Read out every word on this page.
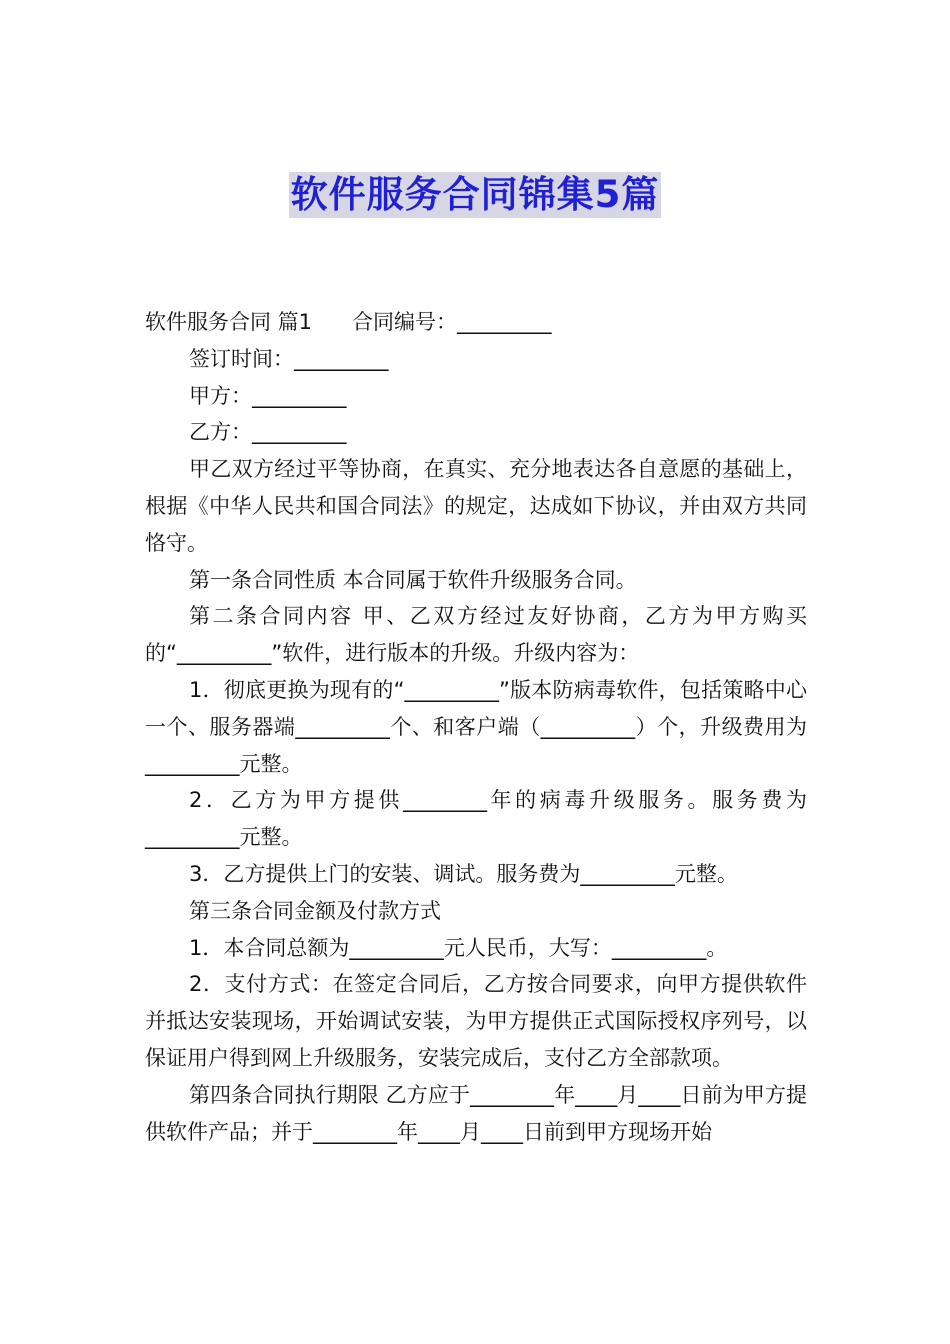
软件服务合同锦集5篇

软件服务合同 篇1 合同编号：_________

签订时间：_________

甲方：_________

乙方：_________

甲乙双方经过平等协商，在真实、充分地表达各自意愿的基础上，根据《中华人民共和国合同法》的规定，达成如下协议，并由双方共同恪守。

第一条合同性质 本合同属于软件升级服务合同。

第二条合同内容 甲、乙双方经过友好协商，乙方为甲方购买的“_________”软件，进行版本的升级。升级内容为：

1．彻底更换为现有的“_________”版本防病毒软件，包括策略中心一个、服务器端_________个、和客户端（_________）个，升级费用为_________元整。

2．乙方为甲方提供________年的病毒升级服务。服务费为_________元整。

3．乙方提供上门的安装、调试。服务费为_________元整。

第三条合同金额及付款方式

1．本合同总额为_________元人民币，大写：_________。

2．支付方式：在签定合同后，乙方按合同要求，向甲方提供软件并抵达安装现场，开始调试安装，为甲方提供正式国际授权序列号，以保证用户得到网上升级服务，安装完成后，支付乙方全部款项。

第四条合同执行期限 乙方应于________年____月____日前为甲方提供软件产品；并于________年____月____日前到甲方现场开始
